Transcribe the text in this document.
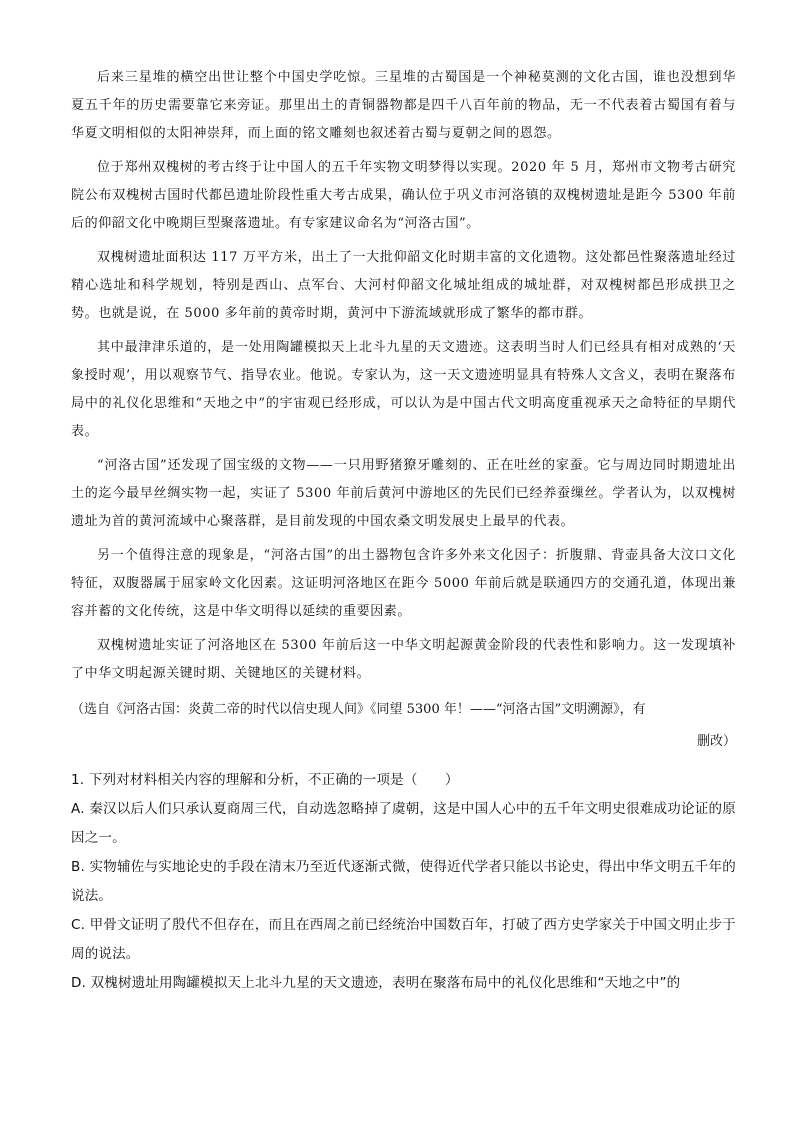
后来三星堆的横空出世让整个中国史学吃惊。三星堆的古蜀国是一个神秘莫测的文化古国，谁也没想到华夏五千年的历史需要靠它来旁证。那里出土的青铜器物都是四千八百年前的物品，无一不代表着古蜀国有着与华夏文明相似的太阳神崇拜，而上面的铭文雕刻也叙述着古蜀与夏朝之间的恩怨。

位于郑州双槐树的考古终于让中国人的五千年实物文明梦得以实现。2020 年 5 月，郑州市文物考古研究院公布双槐树古国时代都邑遗址阶段性重大考古成果，确认位于巩义市河洛镇的双槐树遗址是距今 5300 年前后的仰韶文化中晚期巨型聚落遗址。有专家建议命名为“河洛古国”。

双槐树遗址面积达 117 万平方米，出土了一大批仰韶文化时期丰富的文化遗物。这处都邑性聚落遗址经过精心选址和科学规划，特别是西山、点军台、大河村仰韶文化城址组成的城址群，对双槐树都邑形成拱卫之势。也就是说，在 5000 多年前的黄帝时期，黄河中下游流域就形成了繁华的都市群。

其中最津津乐道的，是一处用陶罐模拟天上北斗九星的天文遗迹。这表明当时人们已经具有相对成熟的‘天象授时观’，用以观察节气、指导农业。他说。专家认为，这一天文遗迹明显具有特殊人文含义，表明在聚落布局中的礼仪化思维和“天地之中”的宇宙观已经形成，可以认为是中国古代文明高度重视承天之命特征的早期代表。

“河洛古国”还发现了国宝级的文物——一只用野猪獠牙雕刻的、正在吐丝的家蚕。它与周边同时期遗址出土的迄今最早丝绸实物一起，实证了 5300 年前后黄河中游地区的先民们已经养蚕缫丝。学者认为，以双槐树遗址为首的黄河流域中心聚落群，是目前发现的中国农桑文明发展史上最早的代表。

另一个值得注意的现象是，“河洛古国”的出土器物包含许多外来文化因子：折腹鼎、背壶具备大汶口文化特征，双腹器属于屈家岭文化因素。这证明河洛地区在距今 5000 年前后就是联通四方的交通孔道，体现出兼容并蓄的文化传统，这是中华文明得以延续的重要因素。

双槐树遗址实证了河洛地区在 5300 年前后这一中华文明起源黄金阶段的代表性和影响力。这一发现填补了中华文明起源关键时期、关键地区的关键材料。

（选自《河洛古国：炎黄二帝的时代以信史现人间》《同望 5300 年！——“河洛古国”文明溯源》，有
删改）

1. 下列对材料相关内容的理解和分析，不正确的一项是（　　）

A. 秦汉以后人们只承认夏商周三代，自动选忽略掉了虞朝，这是中国人心中的五千年文明史很难成功论证的原因之一。

B. 实物辅佐与实地论史的手段在清末乃至近代逐渐式微，使得近代学者只能以书论史，得出中华文明五千年的说法。

C. 甲骨文证明了殷代不但存在，而且在西周之前已经统治中国数百年，打破了西方史学家关于中国文明止步于周的说法。

D. 双槐树遗址用陶罐模拟天上北斗九星的天文遗迹，表明在聚落布局中的礼仪化思维和“天地之中”的
